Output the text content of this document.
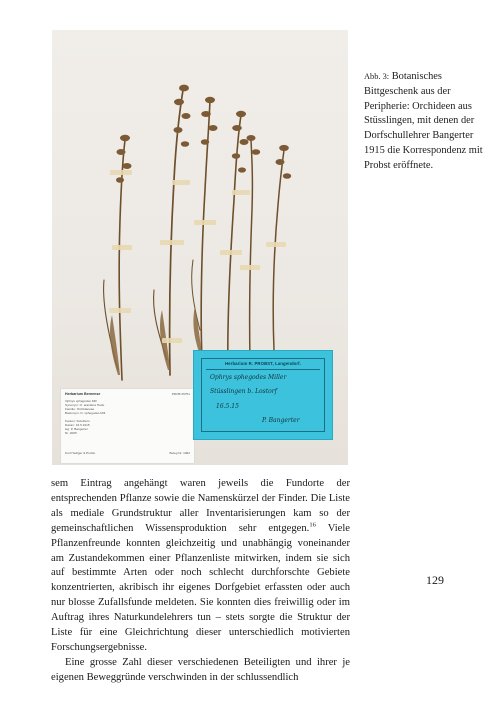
Herbarium Bernense	PROB 25751
Ophrys sphegodes Mill.
Synonym: O. aranifera Huds.
Familie: Orchidaceae
Basionym: O. sphegodes Mill.
Kanton: Solothurn
Datum: 16.5.1915
leg. P. Bangerter
Nr. 2005
Kurt Hediger & Probst	Beleg Nr. 1062
Herbarium R. PROBST, Langendorf.
Ophrys sphegodes Miller
Stüsslingen b. Lostorf
16.5.15
P. Bangerter
Abb. 3: Botanisches Bittgeschenk aus der Peripherie: Orchideen aus Stüsslingen, mit denen der Dorfschullehrer Bangerter 1915 die Korrespondenz mit Probst eröffnete.

sem Eintrag angehängt waren jeweils die Fundorte der entsprechenden Pflanze sowie die Namenskürzel der Finder. Die Liste als mediale Grundstruktur aller Inventarisierungen kam so der gemeinschaftlichen Wissensproduktion sehr entgegen.$^{16}$ Viele Pflanzenfreunde konnten gleichzeitig und unabhängig voneinander am Zustandekommen einer Pflanzenliste mitwirken, indem sie sich auf bestimmte Arten oder noch schlecht durchforschte Gebiete konzentrierten, akribisch ihr eigenes Dorfgebiet erfassten oder auch nur blosse Zufallsfunde meldeten. Sie konnten dies freiwillig oder im Auftrag ihres Naturkundelehrers tun – stets sorgte die Struktur der Liste für eine Gleichrichtung dieser unterschiedlich motivierten Forschungsergebnisse.

Eine grosse Zahl dieser verschiedenen Beteiligten und ihrer je eigenen Beweggründe verschwinden in der schlussendlich

129
